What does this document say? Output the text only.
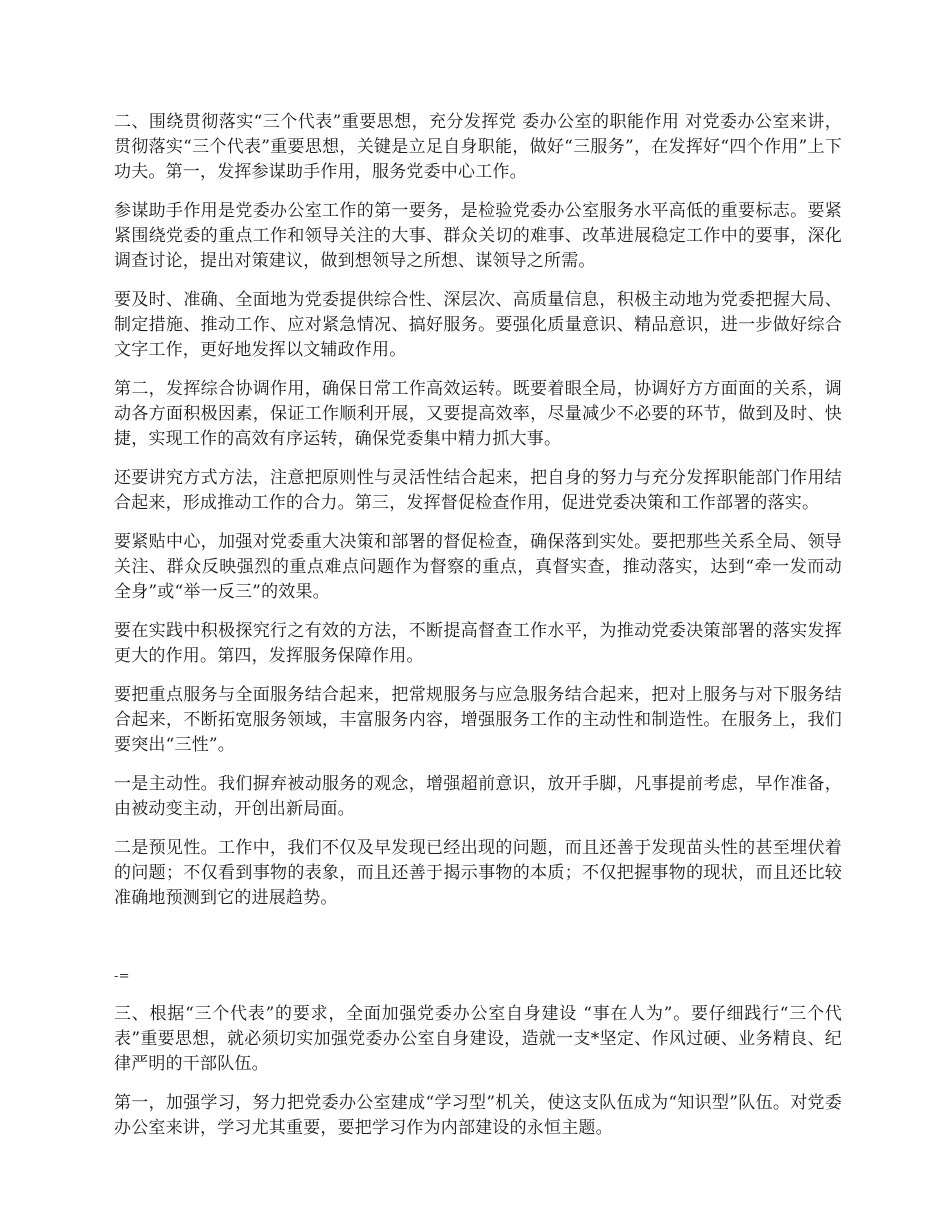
二、围绕贯彻落实“三个代表”重要思想，充分发挥党 委办公室的职能作用 对党委办公室来讲，贯彻落实“三个代表”重要思想，关键是立足自身职能，做好“三服务”，在发挥好“四个作用”上下功夫。第一，发挥参谋助手作用，服务党委中心工作。

参谋助手作用是党委办公室工作的第一要务，是检验党委办公室服务水平高低的重要标志。要紧紧围绕党委的重点工作和领导关注的大事、群众关切的难事、改革进展稳定工作中的要事，深化调查讨论，提出对策建议，做到想领导之所想、谋领导之所需。

要及时、准确、全面地为党委提供综合性、深层次、高质量信息，积极主动地为党委把握大局、制定措施、推动工作、应对紧急情况、搞好服务。要强化质量意识、精品意识，进一步做好综合文字工作，更好地发挥以文辅政作用。

第二，发挥综合协调作用，确保日常工作高效运转。既要着眼全局，协调好方方面面的关系，调动各方面积极因素，保证工作顺利开展，又要提高效率，尽量减少不必要的环节，做到及时、快捷，实现工作的高效有序运转，确保党委集中精力抓大事。

还要讲究方式方法，注意把原则性与灵活性结合起来，把自身的努力与充分发挥职能部门作用结合起来，形成推动工作的合力。第三，发挥督促检查作用，促进党委决策和工作部署的落实。

要紧贴中心，加强对党委重大决策和部署的督促检查，确保落到实处。要把那些关系全局、领导关注、群众反映强烈的重点难点问题作为督察的重点，真督实查，推动落实，达到“牵一发而动全身”或“举一反三”的效果。

要在实践中积极探究行之有效的方法，不断提高督查工作水平，为推动党委决策部署的落实发挥更大的作用。第四，发挥服务保障作用。

要把重点服务与全面服务结合起来，把常规服务与应急服务结合起来，把对上服务与对下服务结合起来，不断拓宽服务领域，丰富服务内容，增强服务工作的主动性和制造性。在服务上，我们要突出“三性”。

一是主动性。我们摒弃被动服务的观念，增强超前意识，放开手脚，凡事提前考虑，早作准备，由被动变主动，开创出新局面。

二是预见性。工作中，我们不仅及早发现已经出现的问题，而且还善于发现苗头性的甚至埋伏着的问题；不仅看到事物的表象，而且还善于揭示事物的本质；不仅把握事物的现状，而且还比较准确地预测到它的进展趋势。

-=

三、根据“三个代表”的要求，全面加强党委办公室自身建设 “事在人为”。要仔细践行“三个代表”重要思想，就必须切实加强党委办公室自身建设，造就一支*坚定、作风过硬、业务精良、纪律严明的干部队伍。

第一，加强学习，努力把党委办公室建成“学习型”机关，使这支队伍成为“知识型”队伍。对党委办公室来讲，学习尤其重要，要把学习作为内部建设的永恒主题。
